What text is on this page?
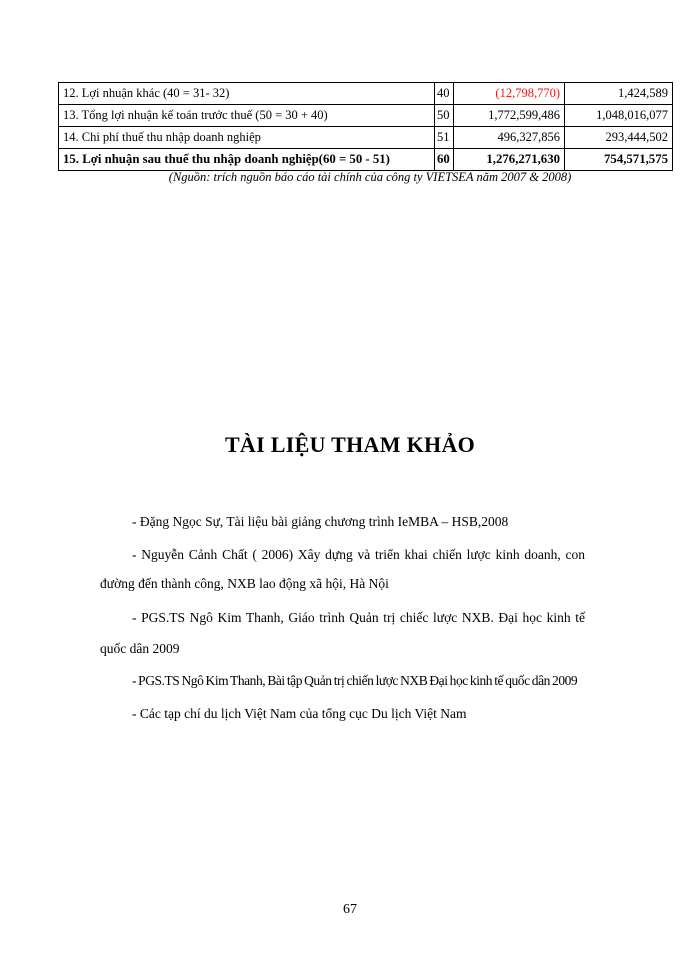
12. Lợi nhuận khác (40 = 31- 32)	40	(12,798,770)	1,424,589
13. Tổng lợi nhuận kế toán trước thuế (50 = 30 + 40)	50	1,772,599,486	1,048,016,077
14. Chi phí thuế thu nhập doanh nghiệp	51	496,327,856	293,444,502
15. Lợi nhuận sau thuế thu nhập doanh nghiệp(60 = 50 - 51)	60	1,276,271,630	754,571,575
(Nguồn: trích nguồn báo cáo tài chính của công ty VIETSEA năm 2007 & 2008)
TÀI LIỆU THAM KHẢO
- Đặng Ngọc Sự, Tài liệu bài giảng chương trình IeMBA – HSB,2008
- Nguyễn Cảnh Chất ( 2006) Xây dựng và triển khai chiến lược kinh doanh, con
đường đến thành công, NXB lao động xã hội, Hà Nội
- PGS.TS Ngô Kim Thanh, Giáo trình Quản trị chiếc lược NXB. Đại học kinh tế
quốc dân 2009
- PGS.TS Ngô Kim Thanh, Bài tập Quản trị chiến lược NXB Đại học kinh tế quốc dân 2009
- Các tạp chí du lịch Việt Nam của tổng cục Du lịch Việt Nam
67
